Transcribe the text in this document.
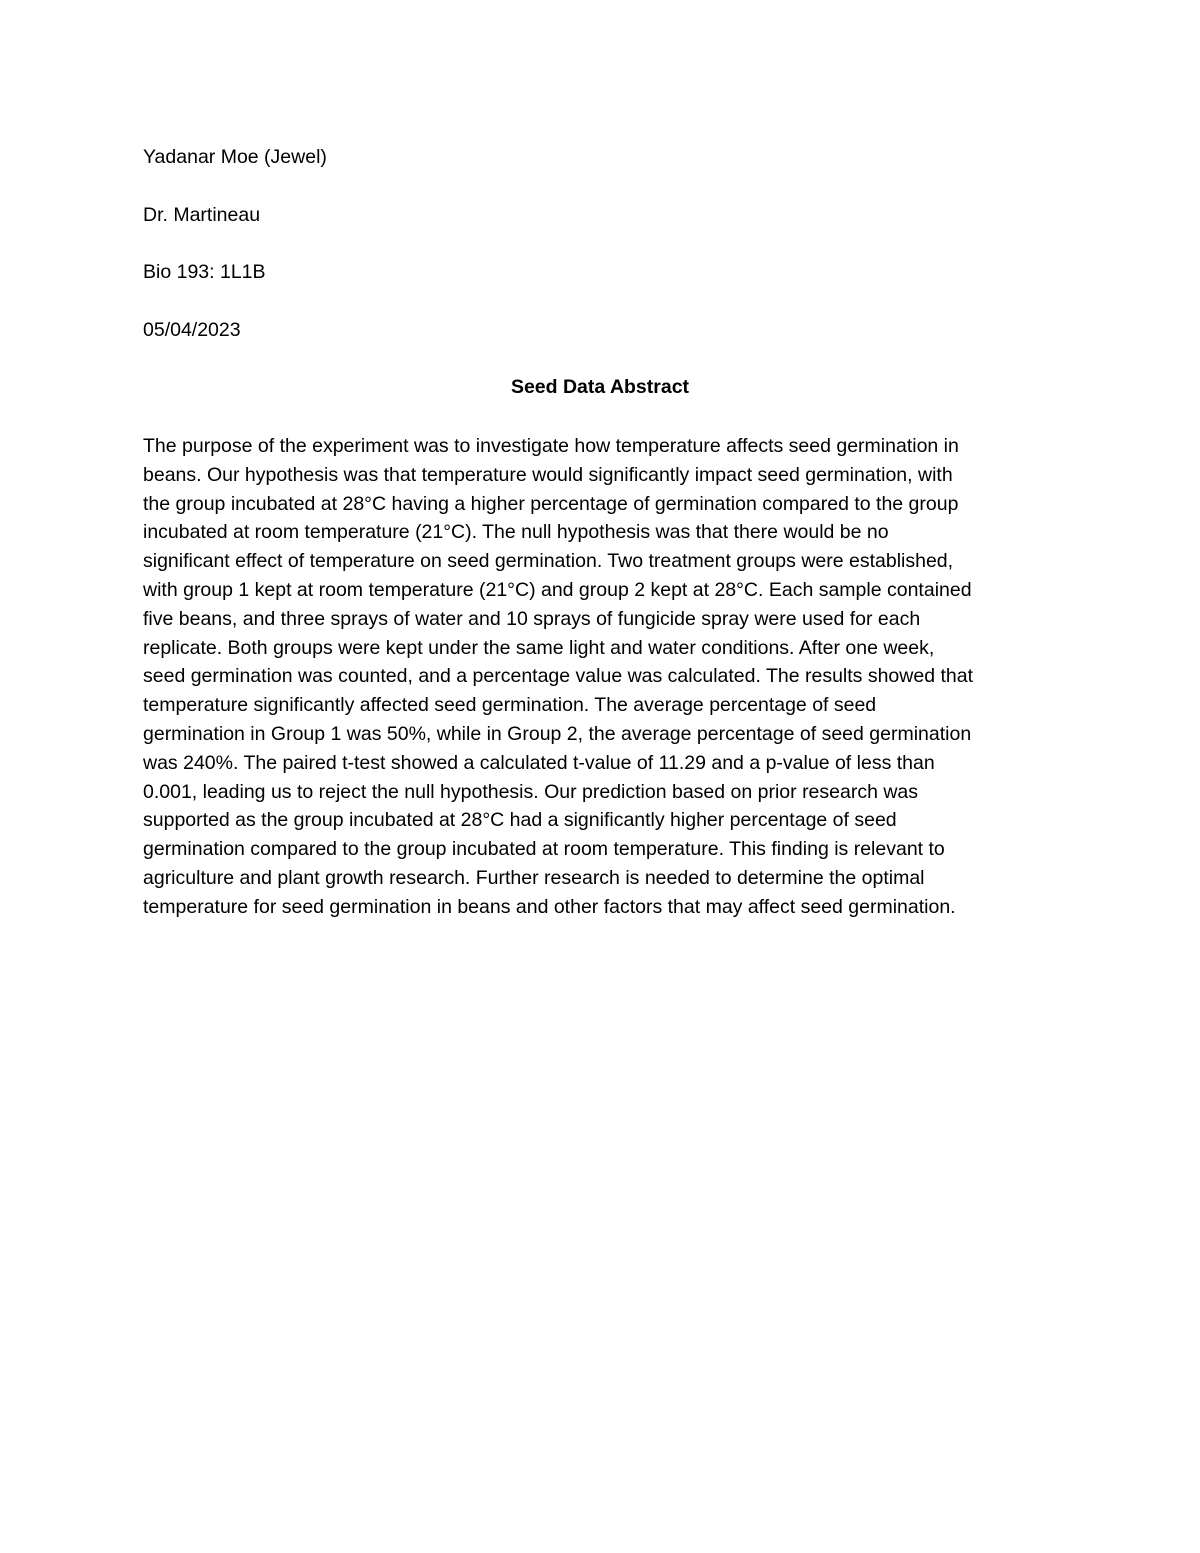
Yadanar Moe (Jewel)
Dr. Martineau
Bio 193: 1L1B
05/04/2023
Seed Data Abstract
The purpose of the experiment was to investigate how temperature affects seed germination in
beans. Our hypothesis was that temperature would significantly impact seed germination, with
the group incubated at 28°C having a higher percentage of germination compared to the group
incubated at room temperature (21°C). The null hypothesis was that there would be no
significant effect of temperature on seed germination. Two treatment groups were established,
with group 1 kept at room temperature (21°C) and group 2 kept at 28°C. Each sample contained
five beans, and three sprays of water and 10 sprays of fungicide spray were used for each
replicate. Both groups were kept under the same light and water conditions. After one week,
seed germination was counted, and a percentage value was calculated. The results showed that
temperature significantly affected seed germination. The average percentage of seed
germination in Group 1 was 50%, while in Group 2, the average percentage of seed germination
was 240%. The paired t-test showed a calculated t-value of 11.29 and a p-value of less than
0.001, leading us to reject the null hypothesis. Our prediction based on prior research was
supported as the group incubated at 28°C had a significantly higher percentage of seed
germination compared to the group incubated at room temperature. This finding is relevant to
agriculture and plant growth research. Further research is needed to determine the optimal
temperature for seed germination in beans and other factors that may affect seed germination.
